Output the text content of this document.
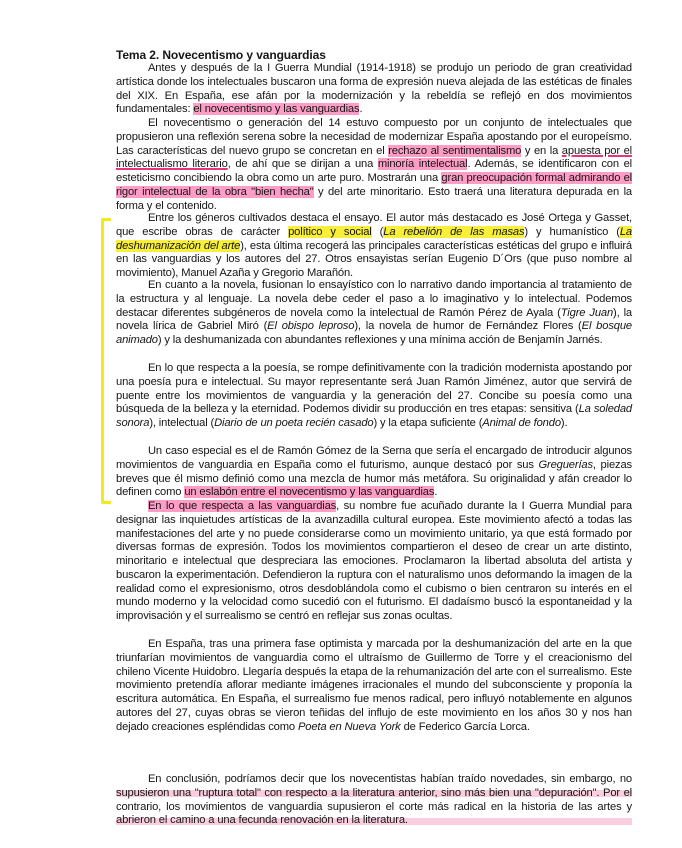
Tema 2. Novecentismo y vanguardias
Antes y después de la I Guerra Mundial (1914-1918) se produjo un periodo de gran creatividad artística donde los intelectuales buscaron una forma de expresión nueva alejada de las estéticas de finales del XIX. En España, ese afán por la modernización y la rebeldía se reflejó en dos movimientos fundamentales: el novecentismo y las vanguardias.
El novecentismo o generación del 14 estuvo compuesto por un conjunto de intelectuales que propusieron una reflexión serena sobre la necesidad de modernizar España apostando por el europeísmo. Las características del nuevo grupo se concretan en el rechazo al sentimentalismo y en la apuesta por el intelectualismo literario, de ahí que se dirijan a una minoría intelectual. Además, se identificaron con el esteticismo concibiendo la obra como un arte puro. Mostrarán una gran preocupación formal admirando el rigor intelectual de la obra "bien hecha" y del arte minoritario. Esto traerá una literatura depurada en la forma y el contenido.
Entre los géneros cultivados destaca el ensayo. El autor más destacado es José Ortega y Gasset, que escribe obras de carácter político y social (La rebelión de las masas) y humanístico (La deshumanización del arte), esta última recogerá las principales características estéticas del grupo e influirá en las vanguardias y los autores del 27. Otros ensayistas serían Eugenio D´Ors (que puso nombre al movimiento), Manuel Azaña y Gregorio Marañón.
En cuanto a la novela, fusionan lo ensayístico con lo narrativo dando importancia al tratamiento de la estructura y al lenguaje. La novela debe ceder el paso a lo imaginativo y lo intelectual. Podemos destacar diferentes subgéneros de novela como la intelectual de Ramón Pérez de Ayala (Tigre Juan), la novela lírica de Gabriel Miró (El obispo leproso), la novela de humor de Fernández Flores (El bosque animado) y la deshumanizada con abundantes reflexiones y una mínima acción de Benjamín Jarnés.
En lo que respecta a la poesía, se rompe definitivamente con la tradición modernista apostando por una poesía pura e intelectual. Su mayor representante será Juan Ramón Jiménez, autor que servirá de puente entre los movimientos de vanguardia y la generación del 27. Concibe su poesía como una búsqueda de la belleza y la eternidad. Podemos dividir su producción en tres etapas: sensitiva (La soledad sonora), intelectual (Diario de un poeta recién casado) y la etapa suficiente (Animal de fondo).
Un caso especial es el de Ramón Gómez de la Serna que sería el encargado de introducir algunos movimientos de vanguardia en España como el futurismo, aunque destacó por sus Greguerías, piezas breves que él mismo definió como una mezcla de humor más metáfora. Su originalidad y afán creador lo definen como un eslabón entre el novecentismo y las vanguardias.
En lo que respecta a las vanguardias, su nombre fue acuñado durante la I Guerra Mundial para designar las inquietudes artísticas de la avanzadilla cultural europea. Este movimiento afectó a todas las manifestaciones del arte y no puede considerarse como un movimiento unitario, ya que está formado por diversas formas de expresión. Todos los movimientos compartieron el deseo de crear un arte distinto, minoritario e intelectual que despreciara las emociones. Proclamaron la libertad absoluta del artista y buscaron la experimentación. Defendieron la ruptura con el naturalismo unos deformando la imagen de la realidad como el expresionismo, otros desdoblándola como el cubismo o bien centraron su interés en el mundo moderno y la velocidad como sucedió con el futurismo. El dadaísmo buscó la espontaneidad y la improvisación y el surrealismo se centró en reflejar sus zonas ocultas.
En España, tras una primera fase optimista y marcada por la deshumanización del arte en la que triunfarían movimientos de vanguardia como el ultraísmo de Guillermo de Torre y el creacionismo del chileno Vicente Huidobro. Llegaría después la etapa de la rehumanización del arte con el surrealismo. Este movimiento pretendía aflorar mediante imágenes irracionales el mundo del subconsciente y proponía la escritura automática. En España, el surrealismo fue menos radical, pero influyó notablemente en algunos autores del 27, cuyas obras se vieron teñidas del influjo de este movimiento en los años 30 y nos han dejado creaciones espléndidas como Poeta en Nueva York de Federico García Lorca.
En conclusión, podríamos decir que los novecentistas habían traído novedades, sin embargo, no supusieron una "ruptura total" con respecto a la literatura anterior, sino más bien una "depuración". Por el contrario, los movimientos de vanguardia supusieron el corte más radical en la historia de las artes y abrieron el camino a una fecunda renovación en la literatura.
